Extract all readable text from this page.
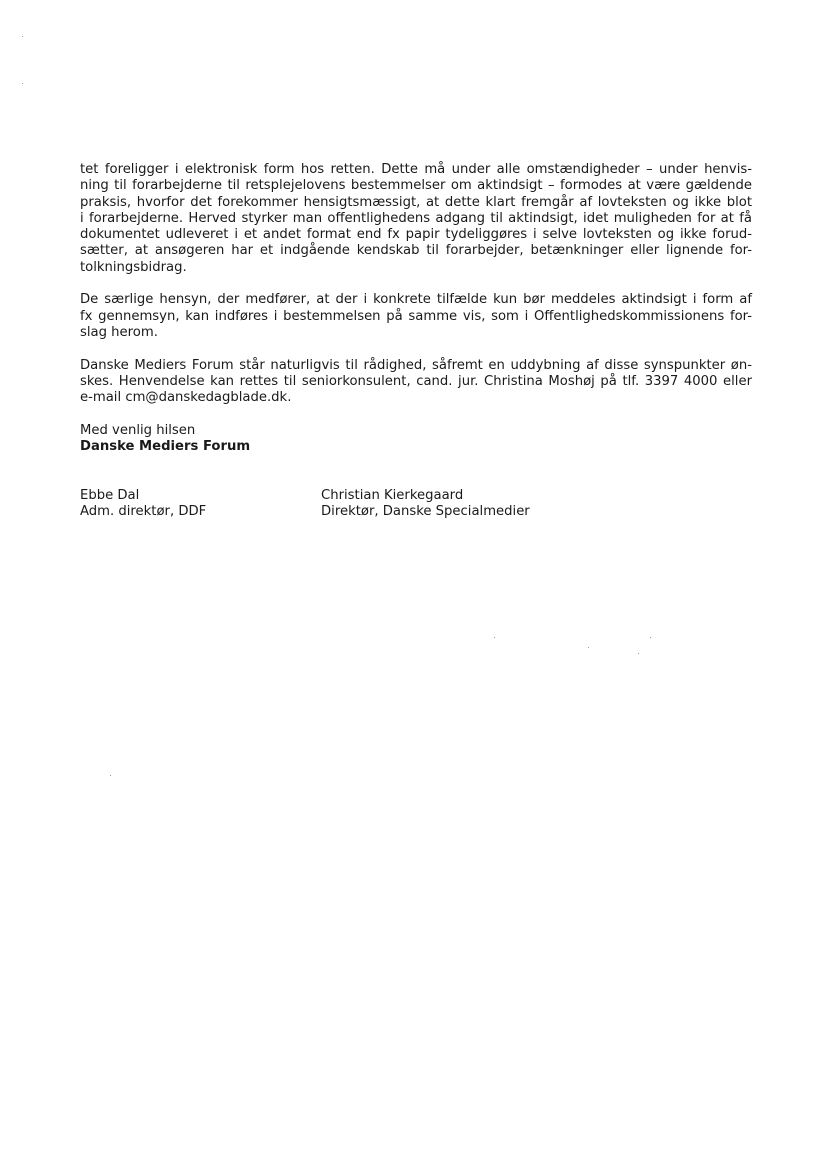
tet foreligger i elektronisk form hos retten. Dette må under alle omstændigheder – under henvis-
ning til forarbejderne til retsplejelovens bestemmelser om aktindsigt – formodes at være gældende
praksis, hvorfor det forekommer hensigtsmæssigt, at dette klart fremgår af lovteksten og ikke blot
i forarbejderne. Herved styrker man offentlighedens adgang til aktindsigt, idet muligheden for at få
dokumentet udleveret i et andet format end fx papir tydeliggøres i selve lovteksten og ikke forud-
sætter, at ansøgeren har et indgående kendskab til forarbejder, betænkninger eller lignende for-
tolkningsbidrag.

De særlige hensyn, der medfører, at der i konkrete tilfælde kun bør meddeles aktindsigt i form af
fx gennemsyn, kan indføres i bestemmelsen på samme vis, som i Offentlighedskommissionens for-
slag herom.

Danske Mediers Forum står naturligvis til rådighed, såfremt en uddybning af disse synspunkter øn-
skes. Henvendelse kan rettes til seniorkonsulent, cand. jur. Christina Moshøj på tlf. 3397 4000 eller
e-mail cm@danskedagblade.dk.

Med venlig hilsen
Danske Mediers Forum

Ebbe Dal
Adm. direktør, DDF
Christian Kierkegaard
Direktør, Danske Specialmedier
